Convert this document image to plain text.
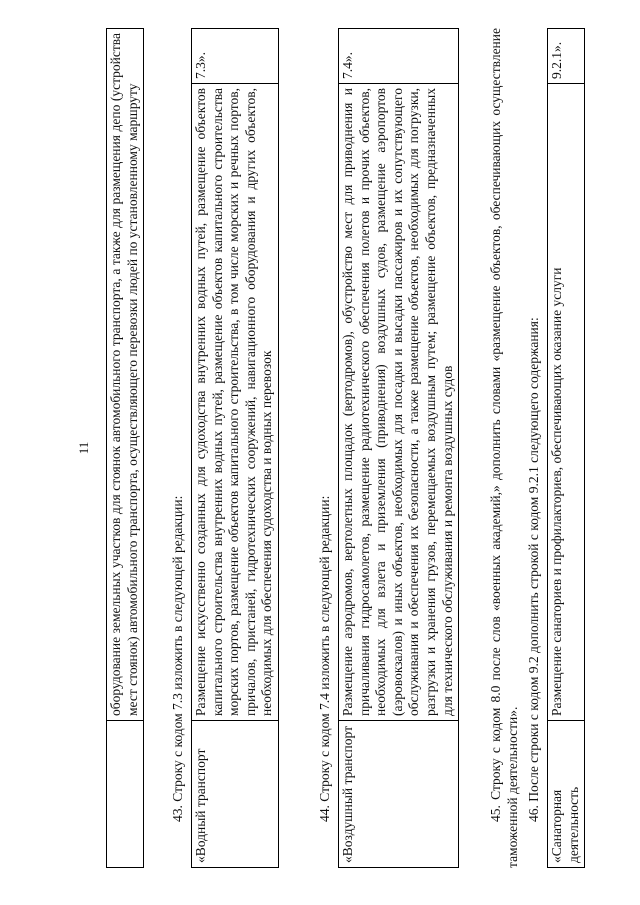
11
	оборудование земельных участков для стоянок автомобильного транспорта, а также для размещения депо (устройства мест стоянок) автомобильного транспорта, осуществляющего перевозки людей по установленному маршруту
43. Строку с кодом 7.3 изложить в следующей редакции:
«Водный транспорт	Размещение искусственно созданных для судоходства внутренних водных путей, размещение объектов капитального строительства внутренних водных путей, размещение объектов капитального строительства морских портов, размещение объектов капитального строительства, в том числе морских и речных портов, причалов, пристаней, гидротехнических сооружений, навигационного оборудования и других объектов, необходимых для обеспечения судоходства и водных перевозок	7.3».
44. Строку с кодом 7.4 изложить в следующей редакции: «Воздушный транспорт	Размещение аэродромов, вертолетных площадок (вертодромов), обустройство мест для приводнения и причаливания гидросамолетов, размещение радиотехнического обеспечения полетов и прочих объектов, необходимых для взлета и приземления (приводнения) воздушных судов, размещение аэропортов (аэровокзалов) и иных объектов, необходимых для посадки и высадки пассажиров и их сопутствующего обслуживания и обеспечения их безопасности, а также размещение объектов, необходимых для погрузки, разгрузки и хранения грузов, перемещаемых воздушным путем; размещение объектов, предназначенных для технического обслуживания и ремонта воздушных судов	7.4».
45. Строку с кодом 8.0 после слов «военных академий,» дополнить словами «размещение объектов, обеспечивающих осуществление таможенной деятельности». 46. После строки с кодом 9.2 дополнить строкой с кодом 9.2.1 следующего содержания:
«Санаторная деятельность	Размещение санаториев и профилакториев, обеспечивающих оказание услуги	9.2.1».
